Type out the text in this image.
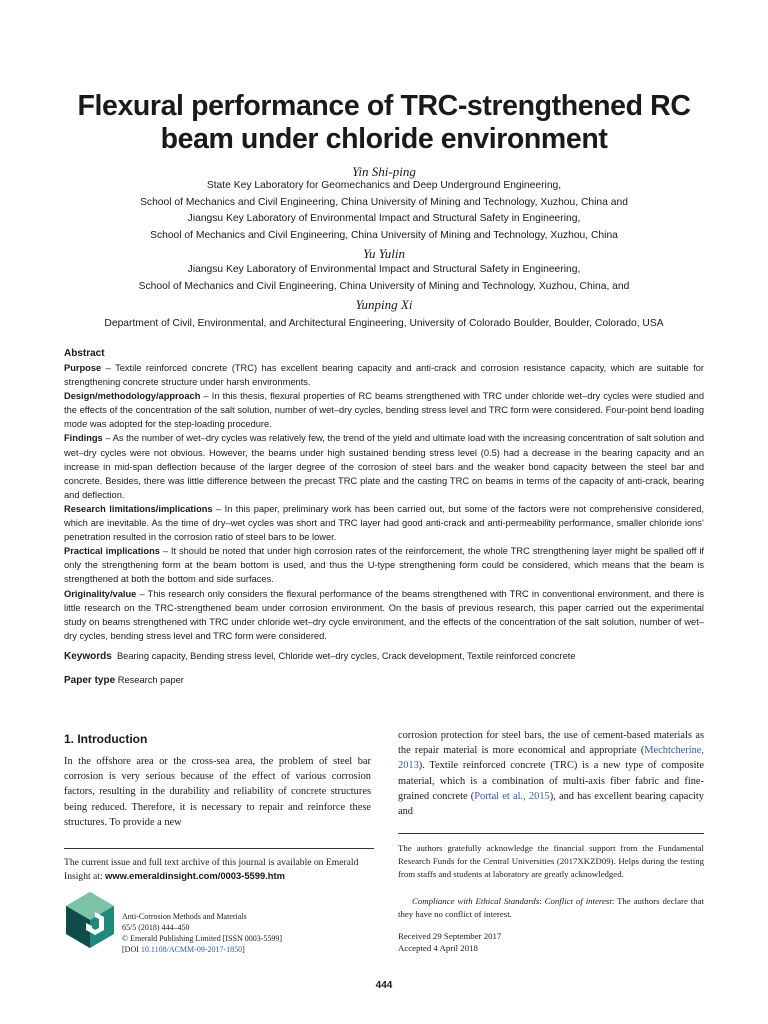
Flexural performance of TRC-strengthened RC
beam under chloride environment
Yin Shi-ping
State Key Laboratory for Geomechanics and Deep Underground Engineering,
School of Mechanics and Civil Engineering, China University of Mining and Technology, Xuzhou, China and
Jiangsu Key Laboratory of Environmental Impact and Structural Safety in Engineering,
School of Mechanics and Civil Engineering, China University of Mining and Technology, Xuzhou, China
Yu Yulin
Jiangsu Key Laboratory of Environmental Impact and Structural Safety in Engineering,
School of Mechanics and Civil Engineering, China University of Mining and Technology, Xuzhou, China, and
Yunping Xi
Department of Civil, Environmental, and Architectural Engineering, University of Colorado Boulder, Boulder, Colorado, USA
Abstract

Purpose – Textile reinforced concrete (TRC) has excellent bearing capacity and anti-crack and corrosion resistance capacity, which are suitable for strengthening concrete structure under harsh environments.

Design/methodology/approach – In this thesis, flexural properties of RC beams strengthened with TRC under chloride wet–dry cycles were studied and the effects of the concentration of the salt solution, number of wet–dry cycles, bending stress level and TRC form were considered. Four-point bend loading mode was adopted for the step-loading procedure.

Findings – As the number of wet–dry cycles was relatively few, the trend of the yield and ultimate load with the increasing concentration of salt solution and wet–dry cycles were not obvious. However, the beams under high sustained bending stress level (0.5) had a decrease in the bearing capacity and an increase in mid-span deflection because of the larger degree of the corrosion of steel bars and the weaker bond capacity between the steel bar and concrete. Besides, there was little difference between the precast TRC plate and the casting TRC on beams in terms of the capacity of anti-crack, bearing and deflection.

Research limitations/implications – In this paper, preliminary work has been carried out, but some of the factors were not comprehensive considered, which are inevitable. As the time of dry–wet cycles was short and TRC layer had good anti-crack and anti-permeability performance, smaller chloride ions’ penetration resulted in the corrosion ratio of steel bars to be lower.

Practical implications – It should be noted that under high corrosion rates of the reinforcement, the whole TRC strengthening layer might be spalled off if only the strengthening form at the beam bottom is used, and thus the U-type strengthening form could be considered, which means that the beam is strengthened at both the bottom and side surfaces.

Originality/value – This research only considers the flexural performance of the beams strengthened with TRC in conventional environment, and there is little research on the TRC-strengthened beam under corrosion environment. On the basis of previous research, this paper carried out the experimental study on beams strengthened with TRC under chloride wet–dry cycle environment, and the effects of the concentration of the salt solution, number of wet–dry cycles, bending stress level and TRC form were considered.

Keywords Bearing capacity, Bending stress level, Chloride wet–dry cycles, Crack development, Textile reinforced concrete

Paper type Research paper

1. Introduction
In the offshore area or the cross-sea area, the problem of steel bar corrosion is very serious because of the effect of various corrosion factors, resulting in the durability and reliability of concrete structures being reduced. Therefore, it is necessary to repair and reinforce these structures. To provide a new
corrosion protection for steel bars, the use of cement-based materials as the repair material is more economical and appropriate (Mechtcherine, 2013). Textile reinforced concrete (TRC) is a new type of composite material, which is a combination of multi-axis fiber fabric and fine-grained concrete (Portal et al., 2015), and has excellent bearing capacity and
The current issue and full text archive of this journal is available on Emerald Insight at: www.emeraldinsight.com/0003-5599.htm
The authors gratefully acknowledge the financial support from the Fundamental Research Funds for the Central Universities (2017XKZD09). Helps during the testing from staffs and students at laboratory are greatly acknowledged.
Compliance with Ethical Standards: Conflict of interest: The authors declare that they have no conflict of interest.
Received 29 September 2017
Accepted 4 April 2018
Anti-Corrosion Methods and Materials
65/5 (2018) 444–450
© Emerald Publishing Limited [ISSN 0003-5599]
[DOI 10.1108/ACMM-09-2017-1850]
444
